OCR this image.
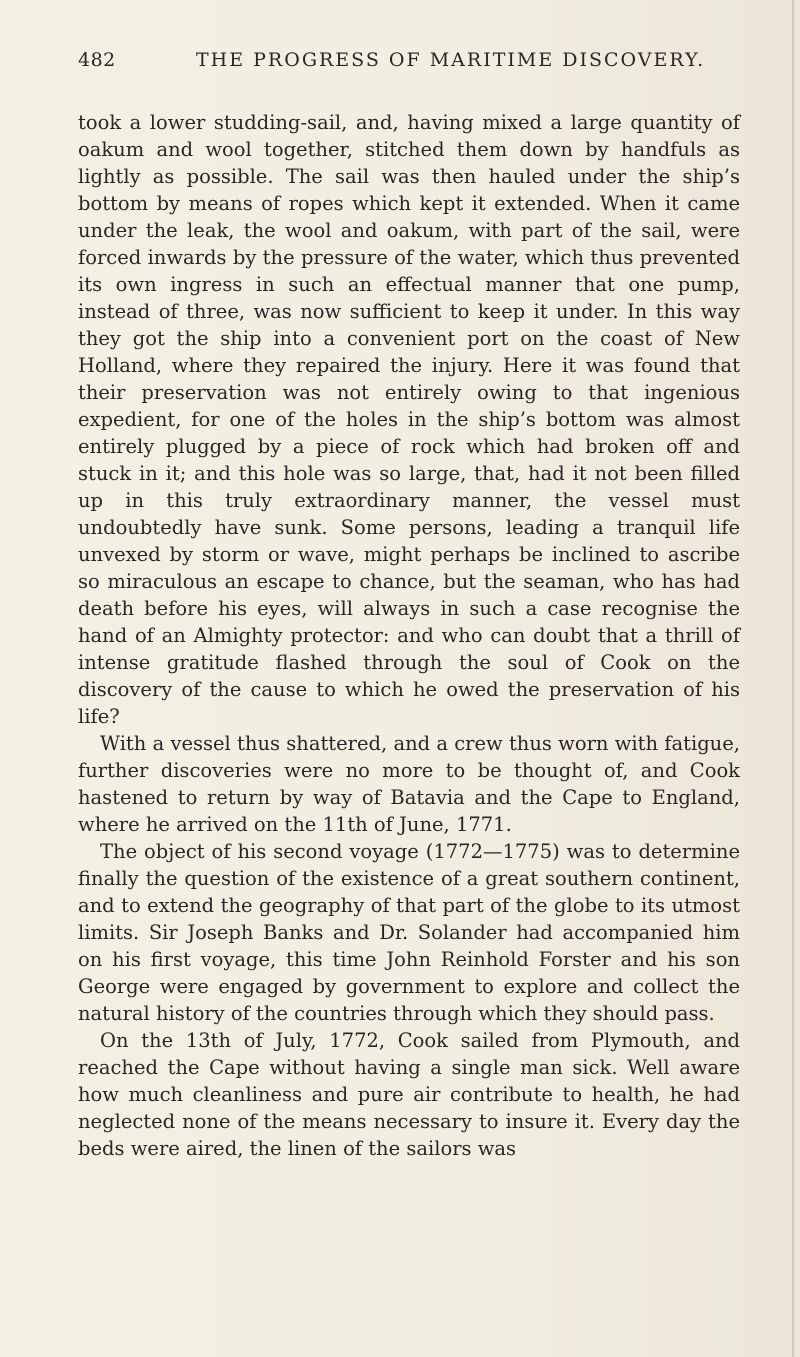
482	THE PROGRESS OF MARITIME DISCOVERY.

took a lower studding-sail, and, having mixed a large quantity of oakum and wool together, stitched them down by handfuls as lightly as possible. The sail was then hauled under the ship’s bottom by means of ropes which kept it extended. When it came under the leak, the wool and oakum, with part of the sail, were forced inwards by the pressure of the water, which thus prevented its own ingress in such an effectual manner that one pump, instead of three, was now sufficient to keep it under. In this way they got the ship into a convenient port on the coast of New Holland, where they repaired the injury. Here it was found that their preservation was not entirely owing to that ingenious expedient, for one of the holes in the ship’s bottom was almost entirely plugged by a piece of rock which had broken off and stuck in it; and this hole was so large, that, had it not been filled up in this truly extraordinary manner, the vessel must undoubtedly have sunk. Some persons, leading a tranquil life unvexed by storm or wave, might perhaps be inclined to ascribe so miraculous an escape to chance, but the seaman, who has had death before his eyes, will always in such a case recognise the hand of an Almighty protector: and who can doubt that a thrill of intense gratitude flashed through the soul of Cook on the discovery of the cause to which he owed the preservation of his life?

With a vessel thus shattered, and a crew thus worn with fatigue, further discoveries were no more to be thought of, and Cook hastened to return by way of Batavia and the Cape to England, where he arrived on the 11th of June, 1771.

The object of his second voyage (1772—1775) was to determine finally the question of the existence of a great southern continent, and to extend the geography of that part of the globe to its utmost limits. Sir Joseph Banks and Dr. Solander had accompanied him on his first voyage, this time John Reinhold Forster and his son George were engaged by government to explore and collect the natural history of the countries through which they should pass.

On the 13th of July, 1772, Cook sailed from Plymouth, and reached the Cape without having a single man sick. Well aware how much cleanliness and pure air contribute to health, he had neglected none of the means necessary to insure it. Every day the beds were aired, the linen of the sailors was
